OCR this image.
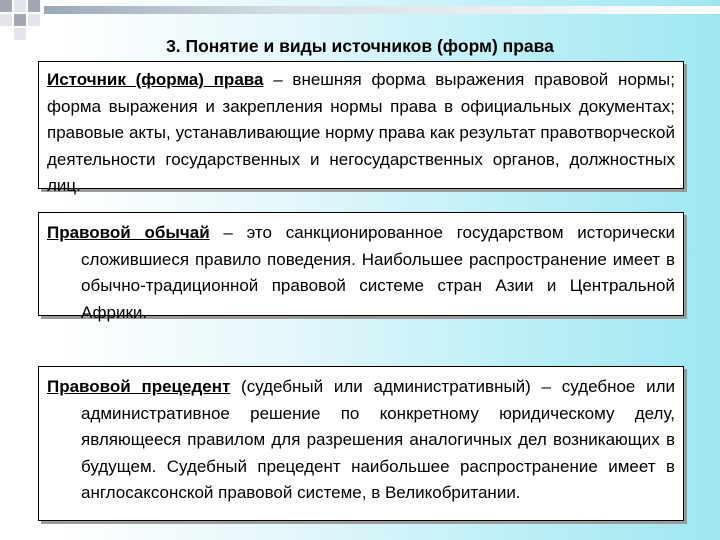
3. Понятие и виды источников (форм) права
Источник (форма) права – внешняя форма выражения правовой нормы; форма выражения и закрепления нормы права в официальных документах; правовые акты, устанавливающие норму права как результат правотворческой деятельности государственных и негосударственных органов, должностных лиц.
Правовой обычай – это санкционированное государством исторически сложившиеся правило поведения. Наибольшее распространение имеет в обычно-традиционной правовой системе стран Азии и Центральной Африки.
Правовой прецедент (судебный или административный) – судебное или административное решение по конкретному юридическому делу, являющееся правилом для разрешения аналогичных дел возникающих в будущем. Судебный прецедент наибольшее распространение имеет в англосаксонской правовой системе, в Великобритании.
